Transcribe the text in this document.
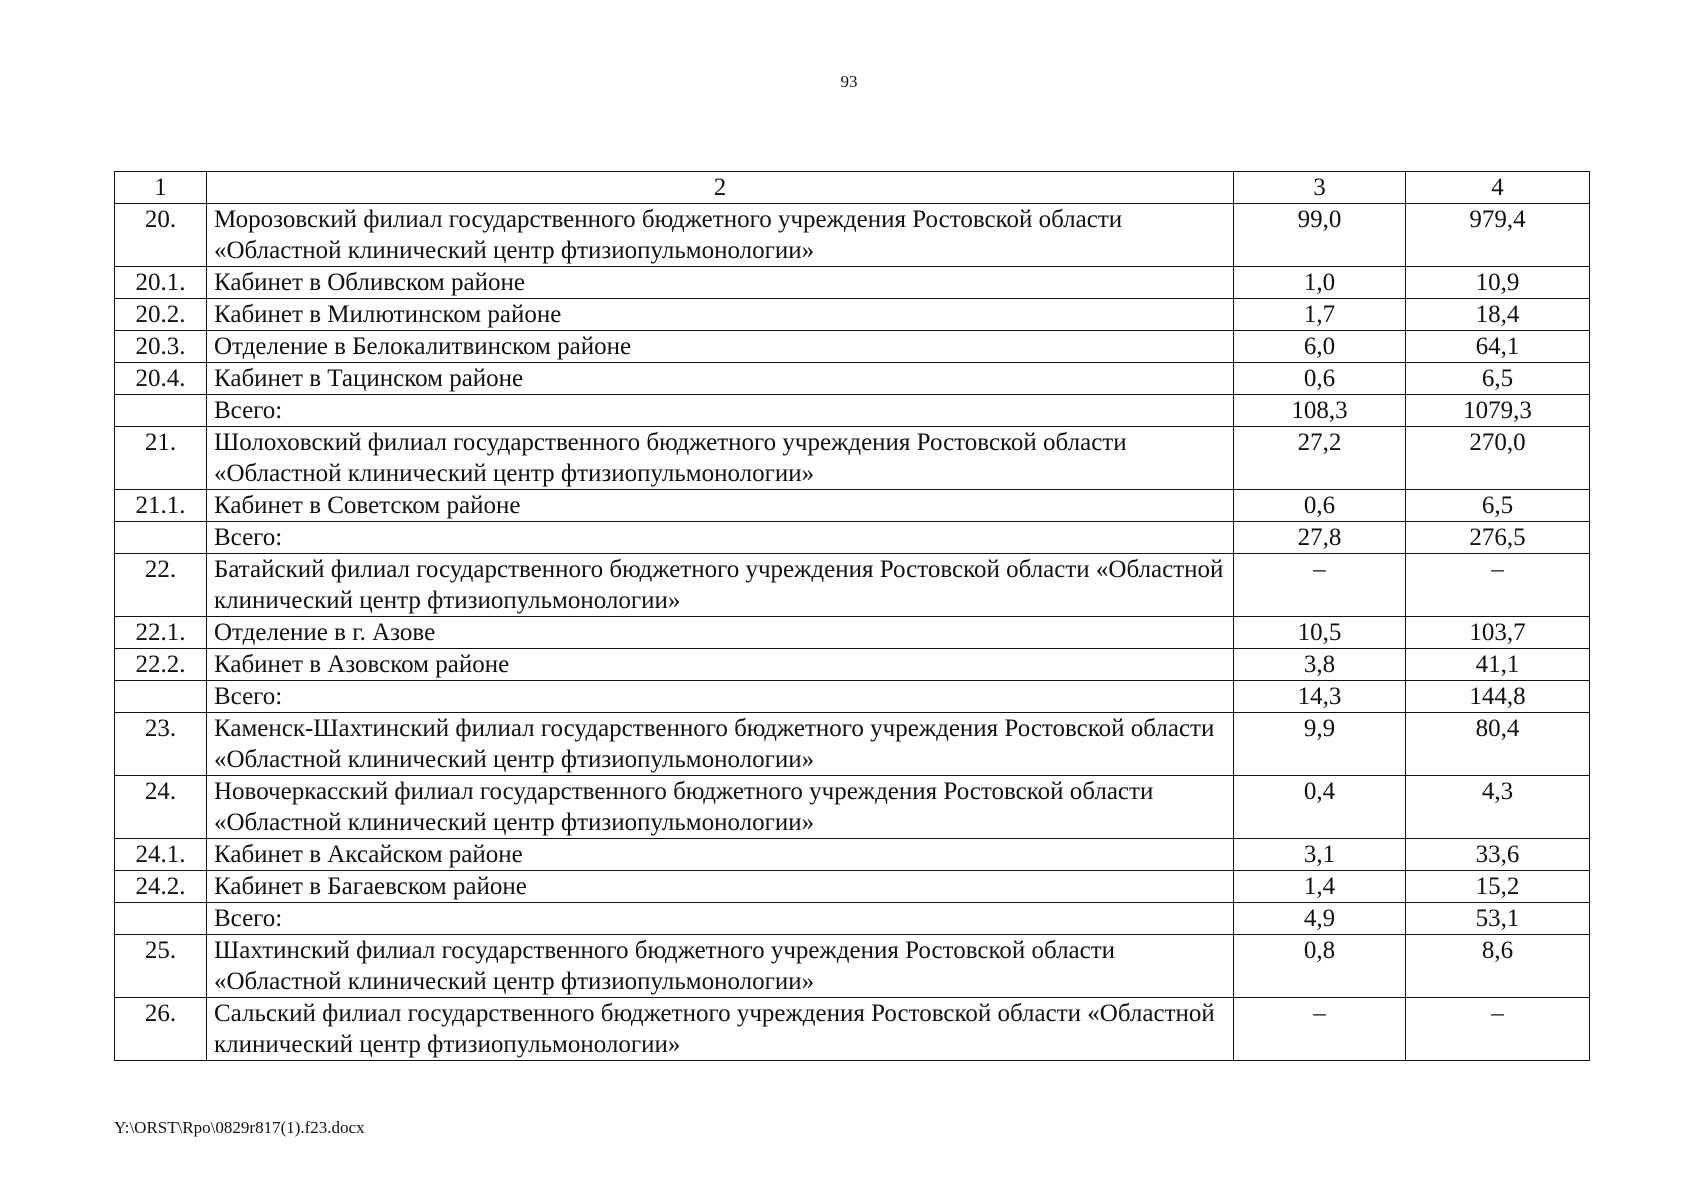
93
1	2	3	4
20.	Морозовский филиал государственного бюджетного учреждения Ростовской области «Областной клинический центр фтизиопульмонологии»	99,0	979,4
20.1.	Кабинет в Обливском районе	1,0	10,9
20.2.	Кабинет в Милютинском районе	1,7	18,4
20.3.	Отделение в Белокалитвинском районе	6,0	64,1
20.4.	Кабинет в Тацинском районе	0,6	6,5
	Всего:	108,3	1079,3
21.	Шолоховский филиал государственного бюджетного учреждения Ростовской области «Областной клинический центр фтизиопульмонологии»	27,2	270,0
21.1.	Кабинет в Советском районе	0,6	6,5
	Всего:	27,8	276,5
22.	Батайский филиал государственного бюджетного учреждения Ростовской области «Областной клинический центр фтизиопульмонологии»	–	–
22.1.	Отделение в г. Азове	10,5	103,7
22.2.	Кабинет в Азовском районе	3,8	41,1
	Всего:	14,3	144,8
23.	Каменск-Шахтинский филиал государственного бюджетного учреждения Ростовской области «Областной клинический центр фтизиопульмонологии»	9,9	80,4
24.	Новочеркасский филиал государственного бюджетного учреждения Ростовской области «Областной клинический центр фтизиопульмонологии»	0,4	4,3
24.1.	Кабинет в Аксайском районе	3,1	33,6
24.2.	Кабинет в Багаевском районе	1,4	15,2
	Всего:	4,9	53,1
25.	Шахтинский филиал государственного бюджетного учреждения Ростовской области «Областной клинический центр фтизиопульмонологии»	0,8	8,6
26.	Сальский филиал государственного бюджетного учреждения Ростовской области «Областной клинический центр фтизиопульмонологии»	–	–
Y:\ORST\Rpo\0829r817(1).f23.docx
